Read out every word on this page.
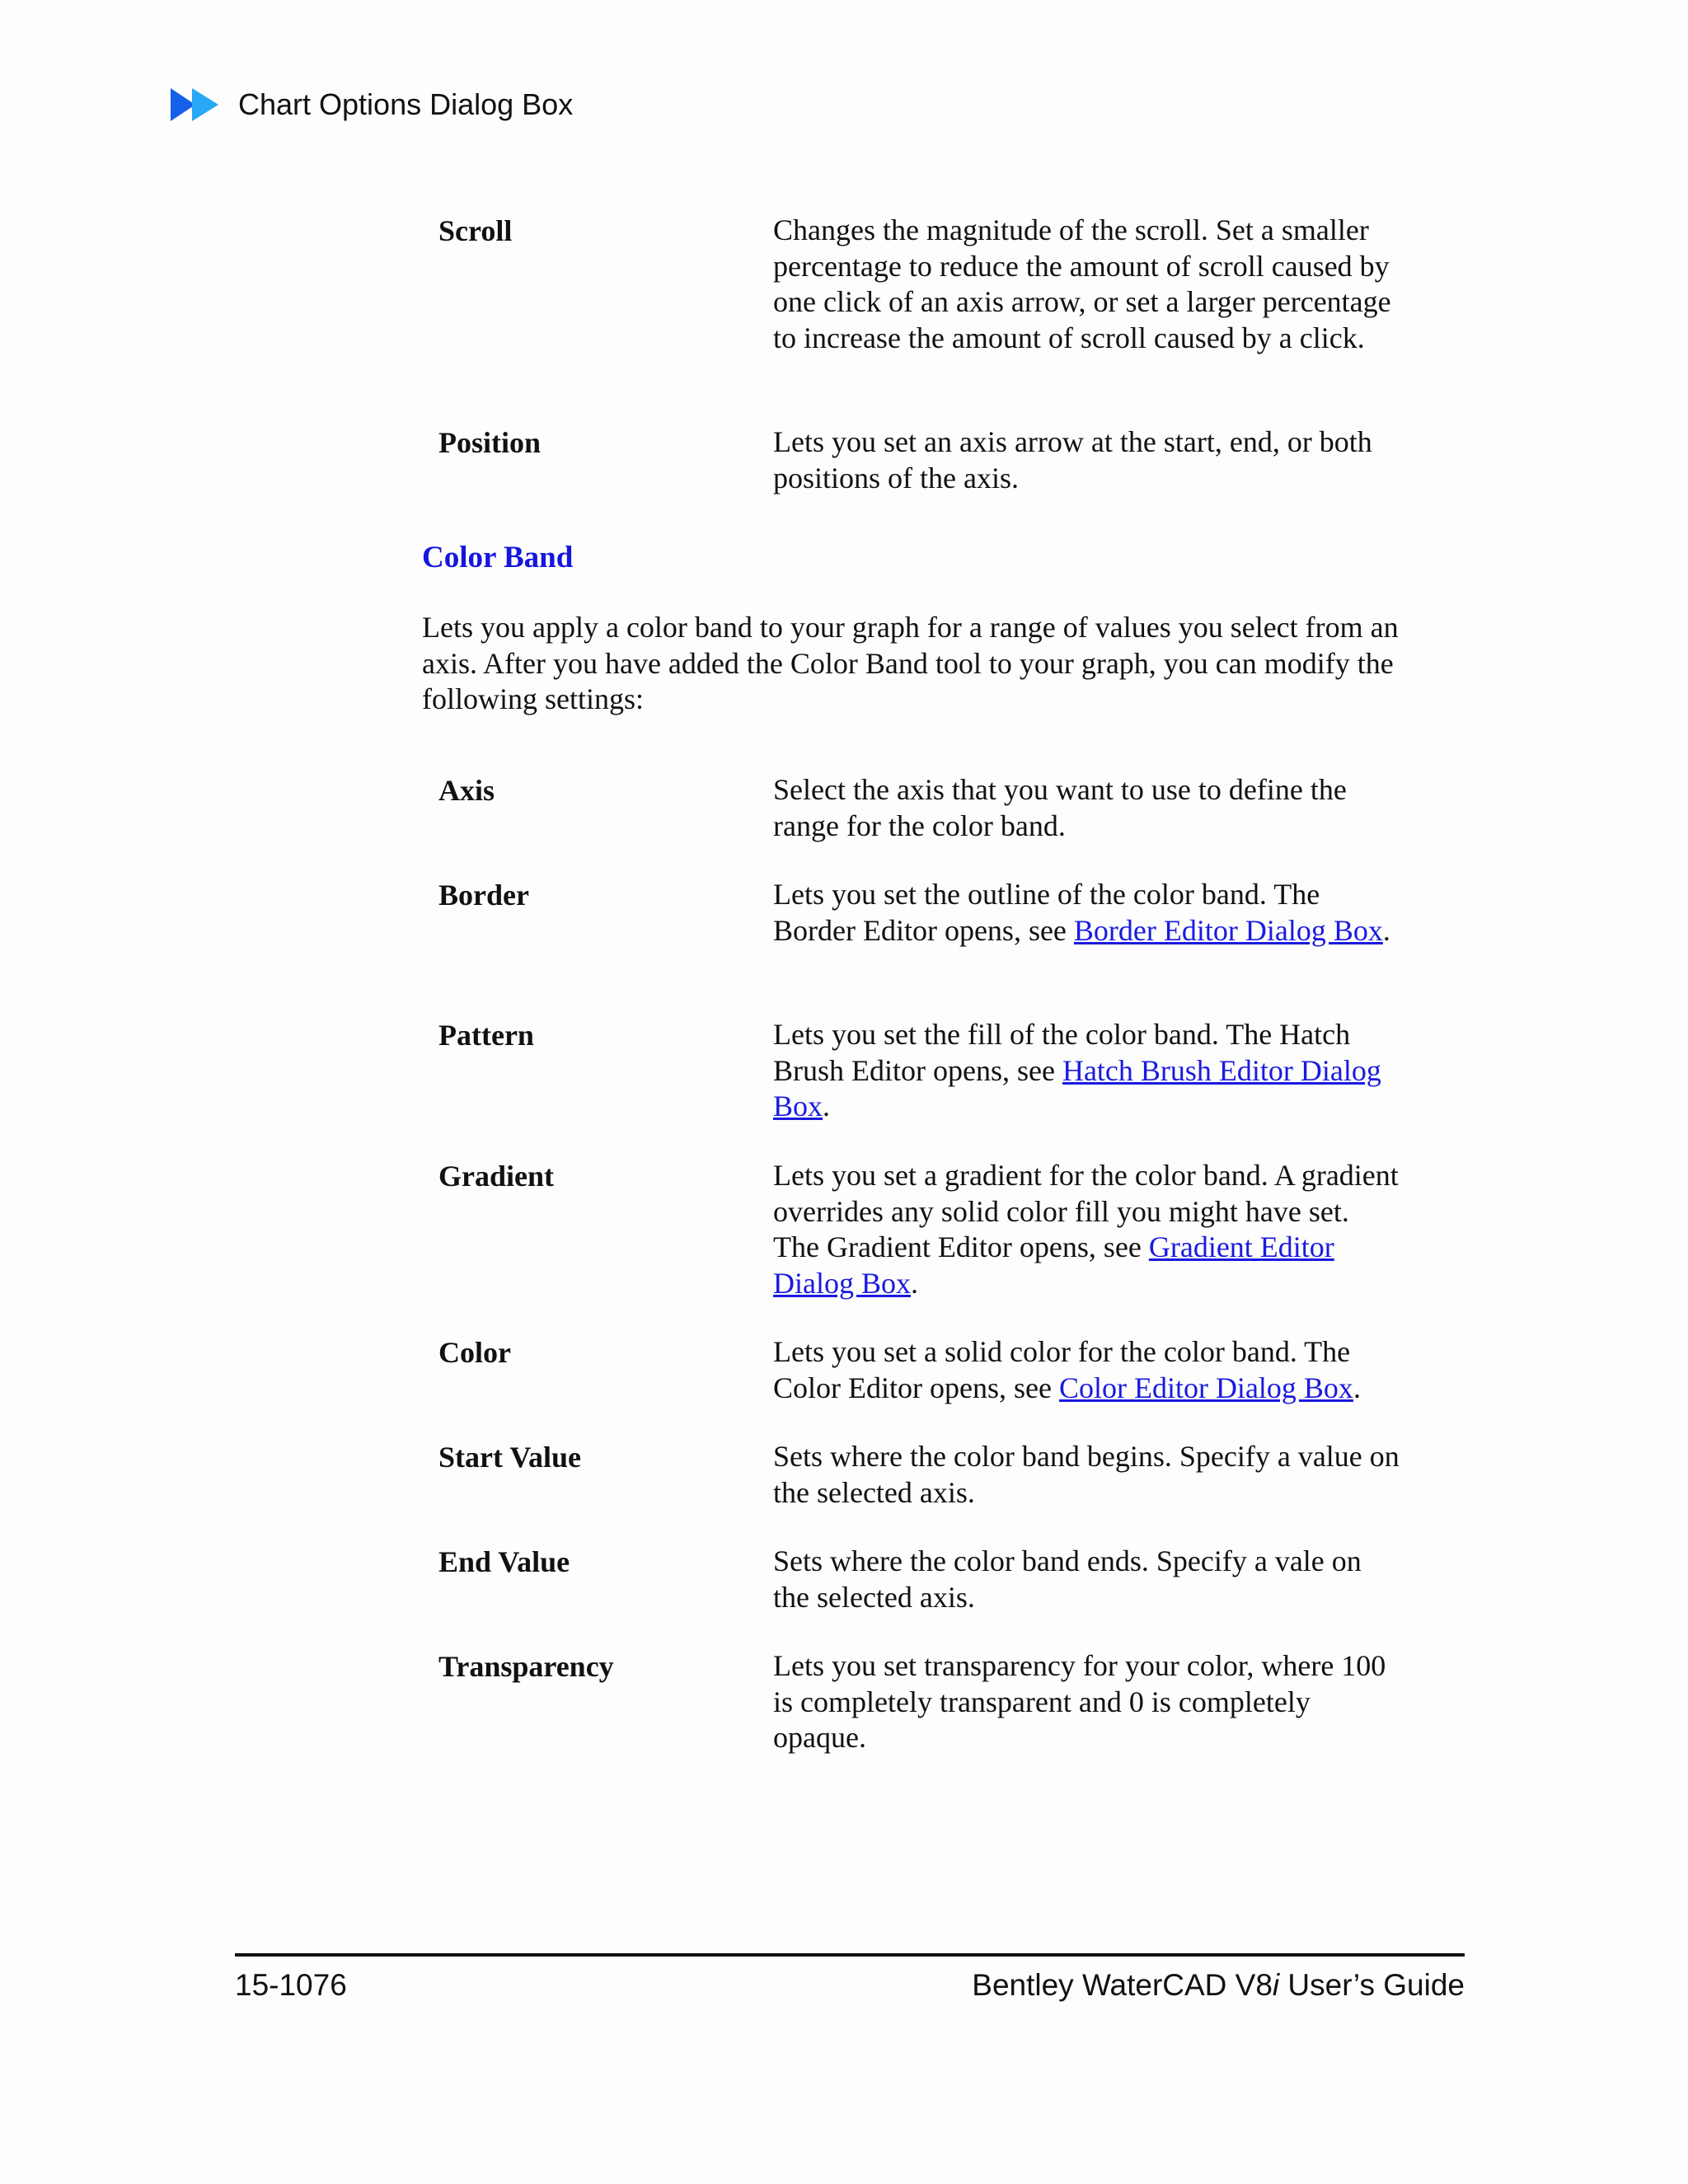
Chart Options Dialog Box
Scroll	Changes the magnitude of the scroll. Set a smaller percentage to reduce the amount of scroll caused by one click of an axis arrow, or set a larger percentage to increase the amount of scroll caused by a click.
Position	Lets you set an axis arrow at the start, end, or both positions of the axis.
Color Band
Lets you apply a color band to your graph for a range of values you select from an axis. After you have added the Color Band tool to your graph, you can modify the following settings:
Axis	Select the axis that you want to use to define the range for the color band.
Border	Lets you set the outline of the color band. The Border Editor opens, see Border Editor Dialog Box.
Pattern	Lets you set the fill of the color band. The Hatch Brush Editor opens, see Hatch Brush Editor Dialog Box.
Gradient	Lets you set a gradient for the color band. A gradient overrides any solid color fill you might have set. The Gradient Editor opens, see Gradient Editor Dialog Box.
Color	Lets you set a solid color for the color band. The Color Editor opens, see Color Editor Dialog Box.
Start Value	Sets where the color band begins. Specify a value on the selected axis.
End Value	Sets where the color band ends. Specify a vale on the selected axis.
Transparency	Lets you set transparency for your color, where 100 is completely transparent and 0 is completely opaque.
15-1076	Bentley WaterCAD V8i User’s Guide
